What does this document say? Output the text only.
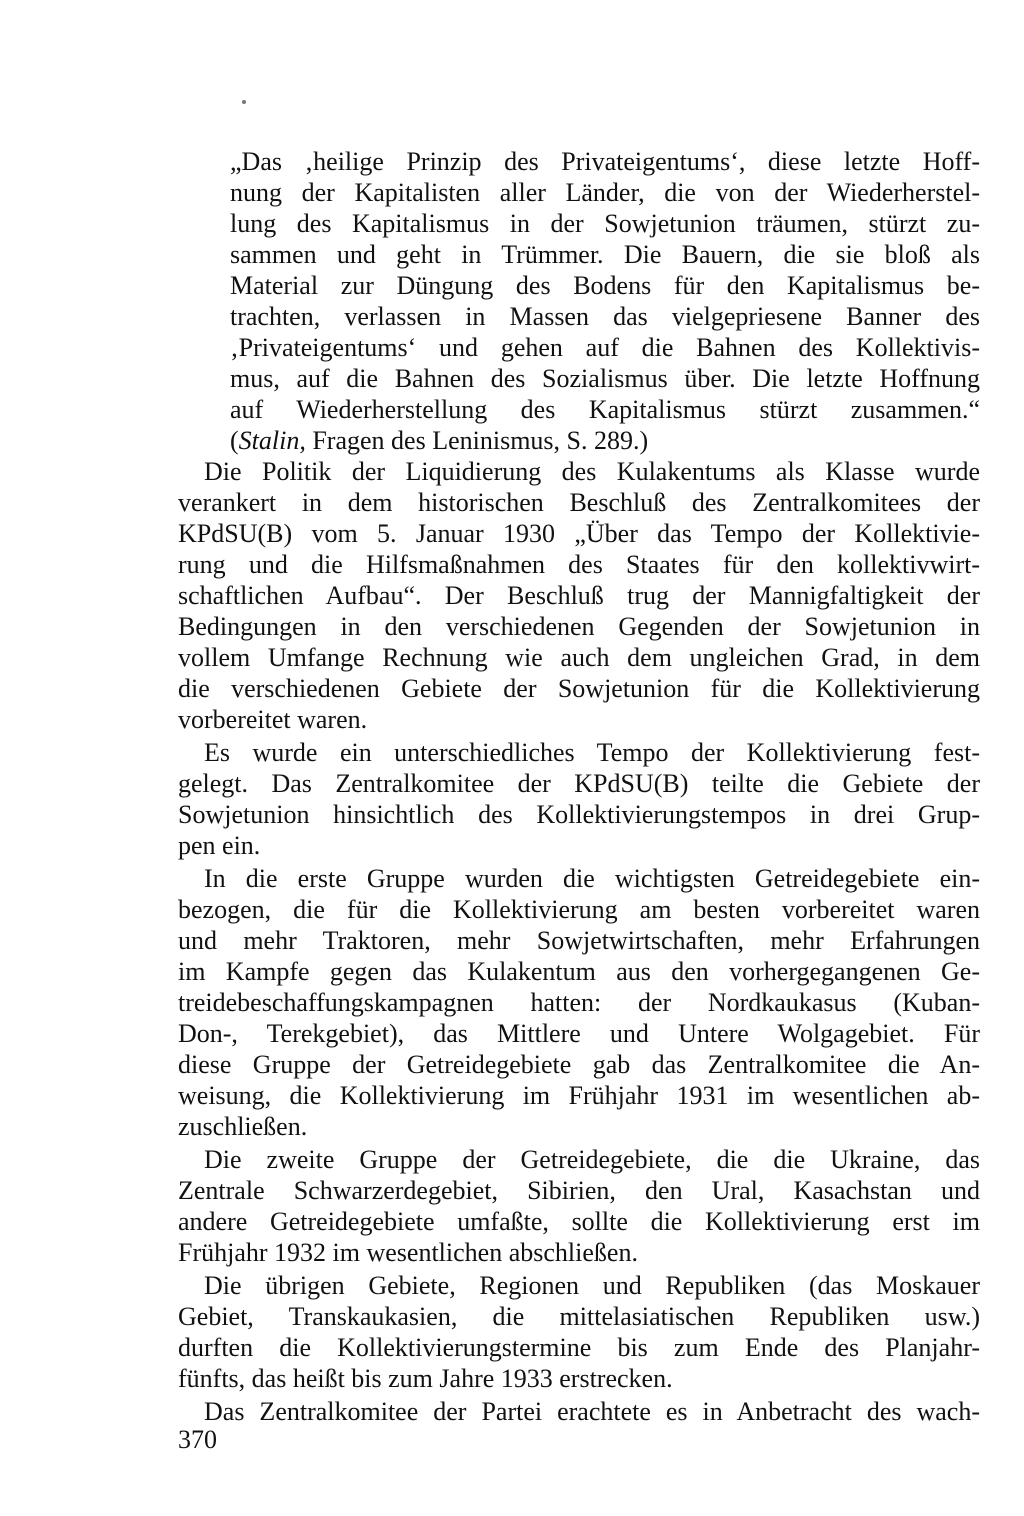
„Das ‚heilige Prinzip des Privateigentums‘, diese letzte Hoff-
nung der Kapitalisten aller Länder, die von der Wiederherstel-
lung des Kapitalismus in der Sowjetunion träumen, stürzt zu-
sammen und geht in Trümmer. Die Bauern, die sie bloß als
Material zur Düngung des Bodens für den Kapitalismus be-
trachten, verlassen in Massen das vielgepriesene Banner des
‚Privateigentums‘ und gehen auf die Bahnen des Kollektivis-
mus, auf die Bahnen des Sozialismus über. Die letzte Hoffnung
auf Wiederherstellung des Kapitalismus stürzt zusammen.“
(Stalin, Fragen des Leninismus, S. 289.)
Die Politik der Liquidierung des Kulakentums als Klasse wurde
verankert in dem historischen Beschluß des Zentralkomitees der
KPdSU(B) vom 5. Januar 1930 „Über das Tempo der Kollektivie-
rung und die Hilfsmaßnahmen des Staates für den kollektivwirt-
schaftlichen Aufbau“. Der Beschluß trug der Mannigfaltigkeit der
Bedingungen in den verschiedenen Gegenden der Sowjetunion in
vollem Umfange Rechnung wie auch dem ungleichen Grad, in dem
die verschiedenen Gebiete der Sowjetunion für die Kollektivierung
vorbereitet waren.
Es wurde ein unterschiedliches Tempo der Kollektivierung fest-
gelegt. Das Zentralkomitee der KPdSU(B) teilte die Gebiete der
Sowjetunion hinsichtlich des Kollektivierungstempos in drei Grup-
pen ein.
In die erste Gruppe wurden die wichtigsten Getreidegebiete ein-
bezogen, die für die Kollektivierung am besten vorbereitet waren
und mehr Traktoren, mehr Sowjetwirtschaften, mehr Erfahrungen
im Kampfe gegen das Kulakentum aus den vorhergegangenen Ge-
treidebeschaffungskampagnen hatten: der Nordkaukasus (Kuban-
Don-, Terekgebiet), das Mittlere und Untere Wolgagebiet. Für
diese Gruppe der Getreidegebiete gab das Zentralkomitee die An-
weisung, die Kollektivierung im Frühjahr 1931 im wesentlichen ab-
zuschließen.
Die zweite Gruppe der Getreidegebiete, die die Ukraine, das
Zentrale Schwarzerdegebiet, Sibirien, den Ural, Kasachstan und
andere Getreidegebiete umfaßte, sollte die Kollektivierung erst im
Frühjahr 1932 im wesentlichen abschließen.
Die übrigen Gebiete, Regionen und Republiken (das Moskauer
Gebiet, Transkaukasien, die mittelasiatischen Republiken usw.)
durften die Kollektivierungstermine bis zum Ende des Planjahr-
fünfts, das heißt bis zum Jahre 1933 erstrecken.
Das Zentralkomitee der Partei erachtete es in Anbetracht des wach-
370
